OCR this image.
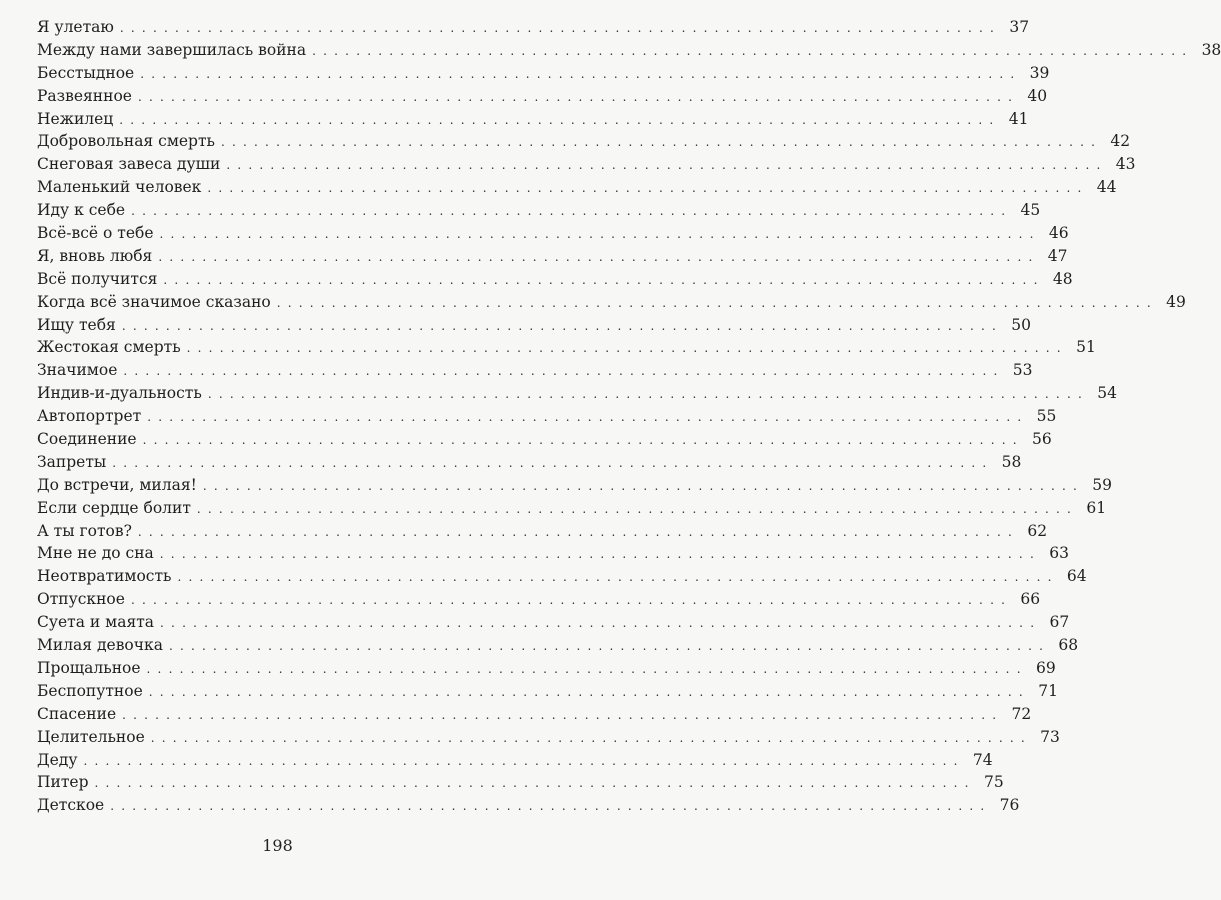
Я улетаю ................................................................................ 37
Между нами завершилась война ................................................................................ 38
Бесстыдное ................................................................................ 39
Развеянное ................................................................................ 40
Нежилец ................................................................................ 41
Добровольная смерть ................................................................................ 42
Снеговая завеса души ................................................................................ 43
Маленький человек ................................................................................ 44
Иду к себе ................................................................................ 45
Всё-всё о тебе ................................................................................ 46
Я, вновь любя ................................................................................ 47
Всё получится ................................................................................ 48
Когда всё значимое сказано ................................................................................ 49
Ищу тебя ................................................................................ 50
Жестокая смерть ................................................................................ 51
Значимое ................................................................................ 53
Индив-и-дуальность ................................................................................ 54
Автопортрет ................................................................................ 55
Соединение ................................................................................ 56
Запреты ................................................................................ 58
До встречи, милая! ................................................................................ 59
Если сердце болит ................................................................................ 61
А ты готов? ................................................................................ 62
Мне не до сна ................................................................................ 63
Неотвратимость ................................................................................ 64
Отпускное ................................................................................ 66
Суета и маята ................................................................................ 67
Милая девочка ................................................................................ 68
Прощальное ................................................................................ 69
Беспопутное ................................................................................ 71
Спасение ................................................................................ 72
Целительное ................................................................................ 73
Деду ................................................................................ 74
Питер ................................................................................ 75
Детское ................................................................................ 76
198
